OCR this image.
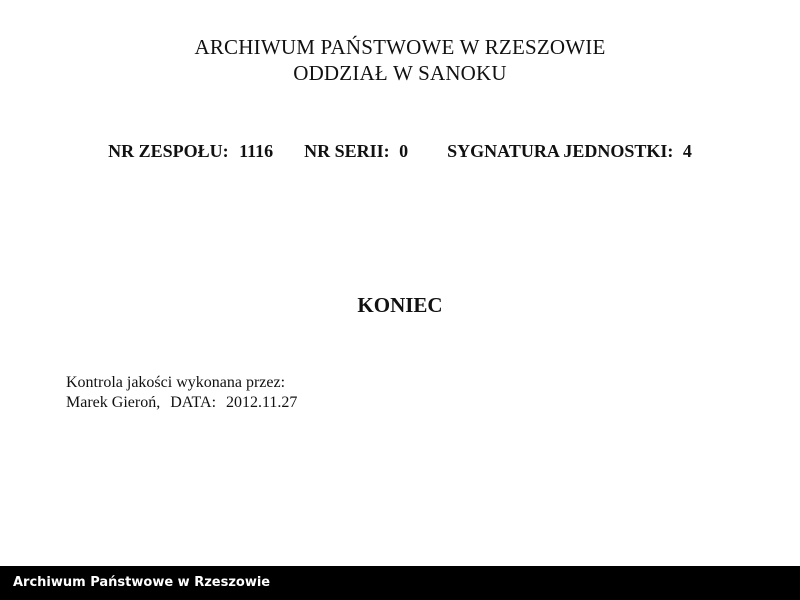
ARCHIWUM PAŃSTWOWE W RZESZOWIE
ODDZIAŁ W SANOKU
NR ZESPOŁU: 1116 NR SERII: 0 SYGNATURA JEDNOSTKI: 4
KONIEC
Kontrola jakości wykonana przez:
Marek Gieroń, DATA: 2012.11.27
Archiwum Państwowe w Rzeszowie
